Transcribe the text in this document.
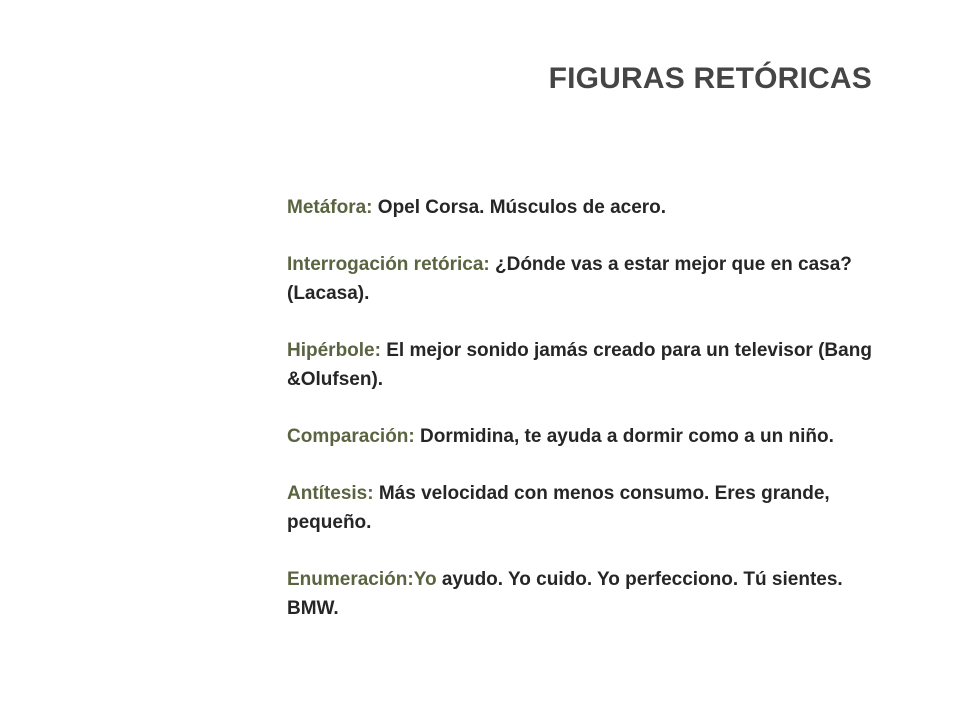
FIGURAS RETÓRICAS
Metáfora: Opel Corsa. Músculos de acero.
Interrogación retórica: ¿Dónde vas a estar mejor que en casa? (Lacasa).
Hipérbole: El mejor sonido jamás creado para un televisor (Bang &Olufsen).
Comparación: Dormidina, te ayuda a dormir como a un niño.
Antítesis: Más velocidad con menos consumo. Eres grande, pequeño.
Enumeración:Yo ayudo. Yo cuido. Yo perfecciono. Tú sientes. BMW.
